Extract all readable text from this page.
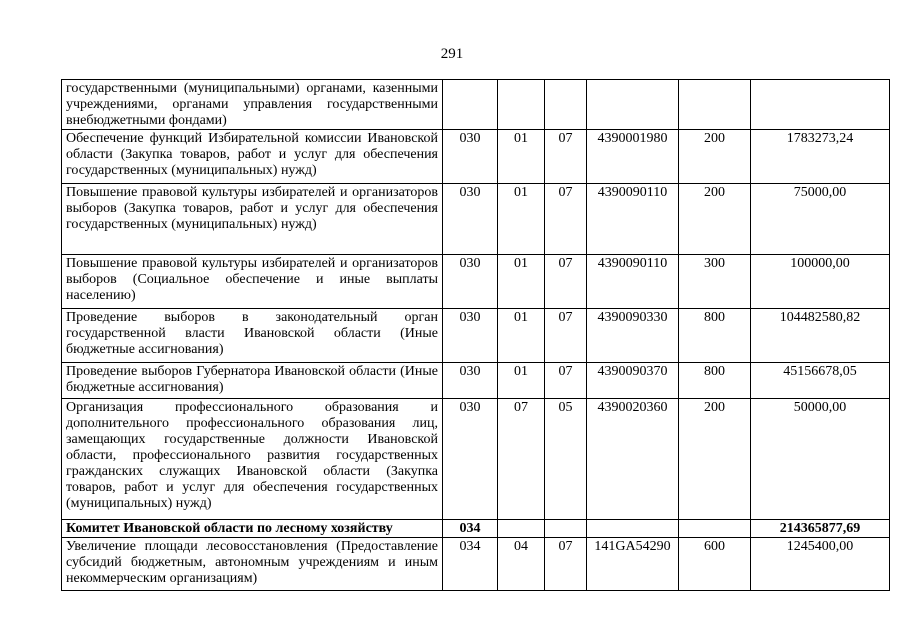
291
государственными (муниципальными) органами, казенными учреждениями, органами управления государственными внебюджетными фондами)						
Обеспечение функций Избирательной комиссии Ивановской области (Закупка товаров, работ и услуг для обеспечения государственных (муниципальных) нужд)	030	01	07	4390001980	200	1783273,24
Повышение правовой культуры избирателей и организаторов выборов (Закупка товаров, работ и услуг для обеспечения государственных (муниципальных) нужд)	030	01	07	4390090110	200	75000,00
Повышение правовой культуры избирателей и организаторов выборов (Социальное обеспечение и иные выплаты населению)	030	01	07	4390090110	300	100000,00
Проведение выборов в законодательный орган государственной власти Ивановской области (Иные бюджетные ассигнования)	030	01	07	4390090330	800	104482580,82
Проведение выборов Губернатора Ивановской области (Иные бюджетные ассигнования)	030	01	07	4390090370	800	45156678,05
Организация профессионального образования и дополнительного профессионального образования лиц, замещающих государственные должности Ивановской области, профессионального развития государственных гражданских служащих Ивановской области (Закупка товаров, работ и услуг для обеспечения государственных (муниципальных) нужд)	030	07	05	4390020360	200	50000,00
Комитет Ивановской области по лесному хозяйству	034					214365877,69
Увеличение площади лесовосстановления (Предоставление субсидий бюджетным, автономным учреждениям и иным некоммерческим организациям)	034	04	07	141GA54290	600	1245400,00
